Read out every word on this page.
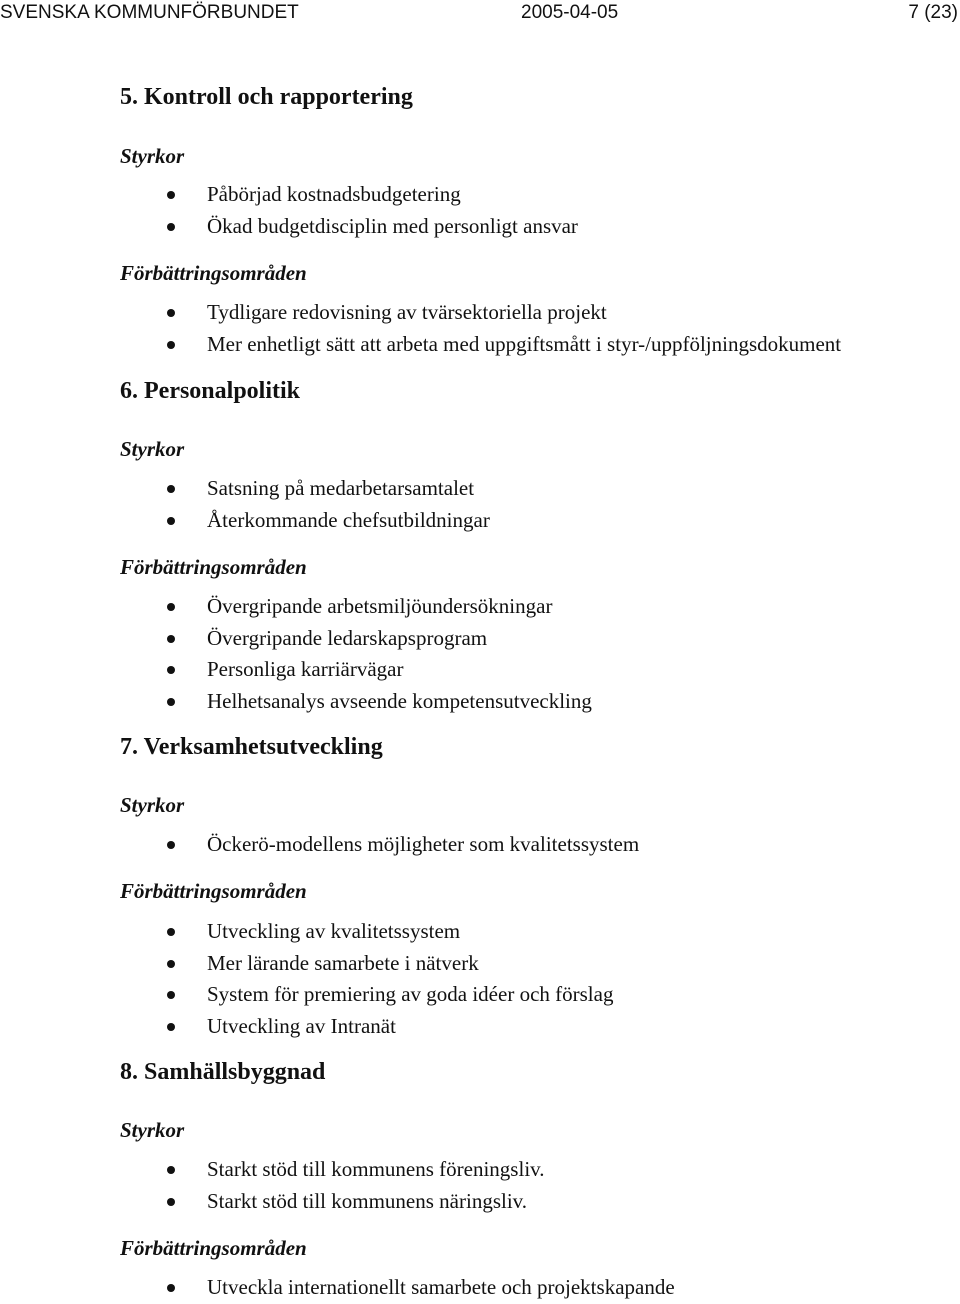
SVENSKA KOMMUNFÖRBUNDET	2005-04-05	7 (23)
5. Kontroll och rapportering
Styrkor
Påbörjad kostnadsbudgetering
Ökad budgetdisciplin med personligt ansvar
Förbättringsområden
Tydligare redovisning av tvärsektoriella projekt
Mer enhetligt sätt att arbeta med uppgiftsmått i styr-/uppföljningsdokument
6. Personalpolitik
Styrkor
Satsning på medarbetarsamtalet
Återkommande chefsutbildningar
Förbättringsområden
Övergripande arbetsmiljöundersökningar
Övergripande ledarskapsprogram
Personliga karriärvägar
Helhetsanalys avseende kompetensutveckling
7. Verksamhetsutveckling
Styrkor
Öckerö-modellens möjligheter som kvalitetssystem
Förbättringsområden
Utveckling av kvalitetssystem
Mer lärande samarbete i nätverk
System för premiering av goda idéer och förslag
Utveckling av Intranät
8. Samhällsbyggnad
Styrkor
Starkt stöd till kommunens föreningsliv.
Starkt stöd till kommunens näringsliv.
Förbättringsområden
Utveckla internationellt samarbete och projektskapande
